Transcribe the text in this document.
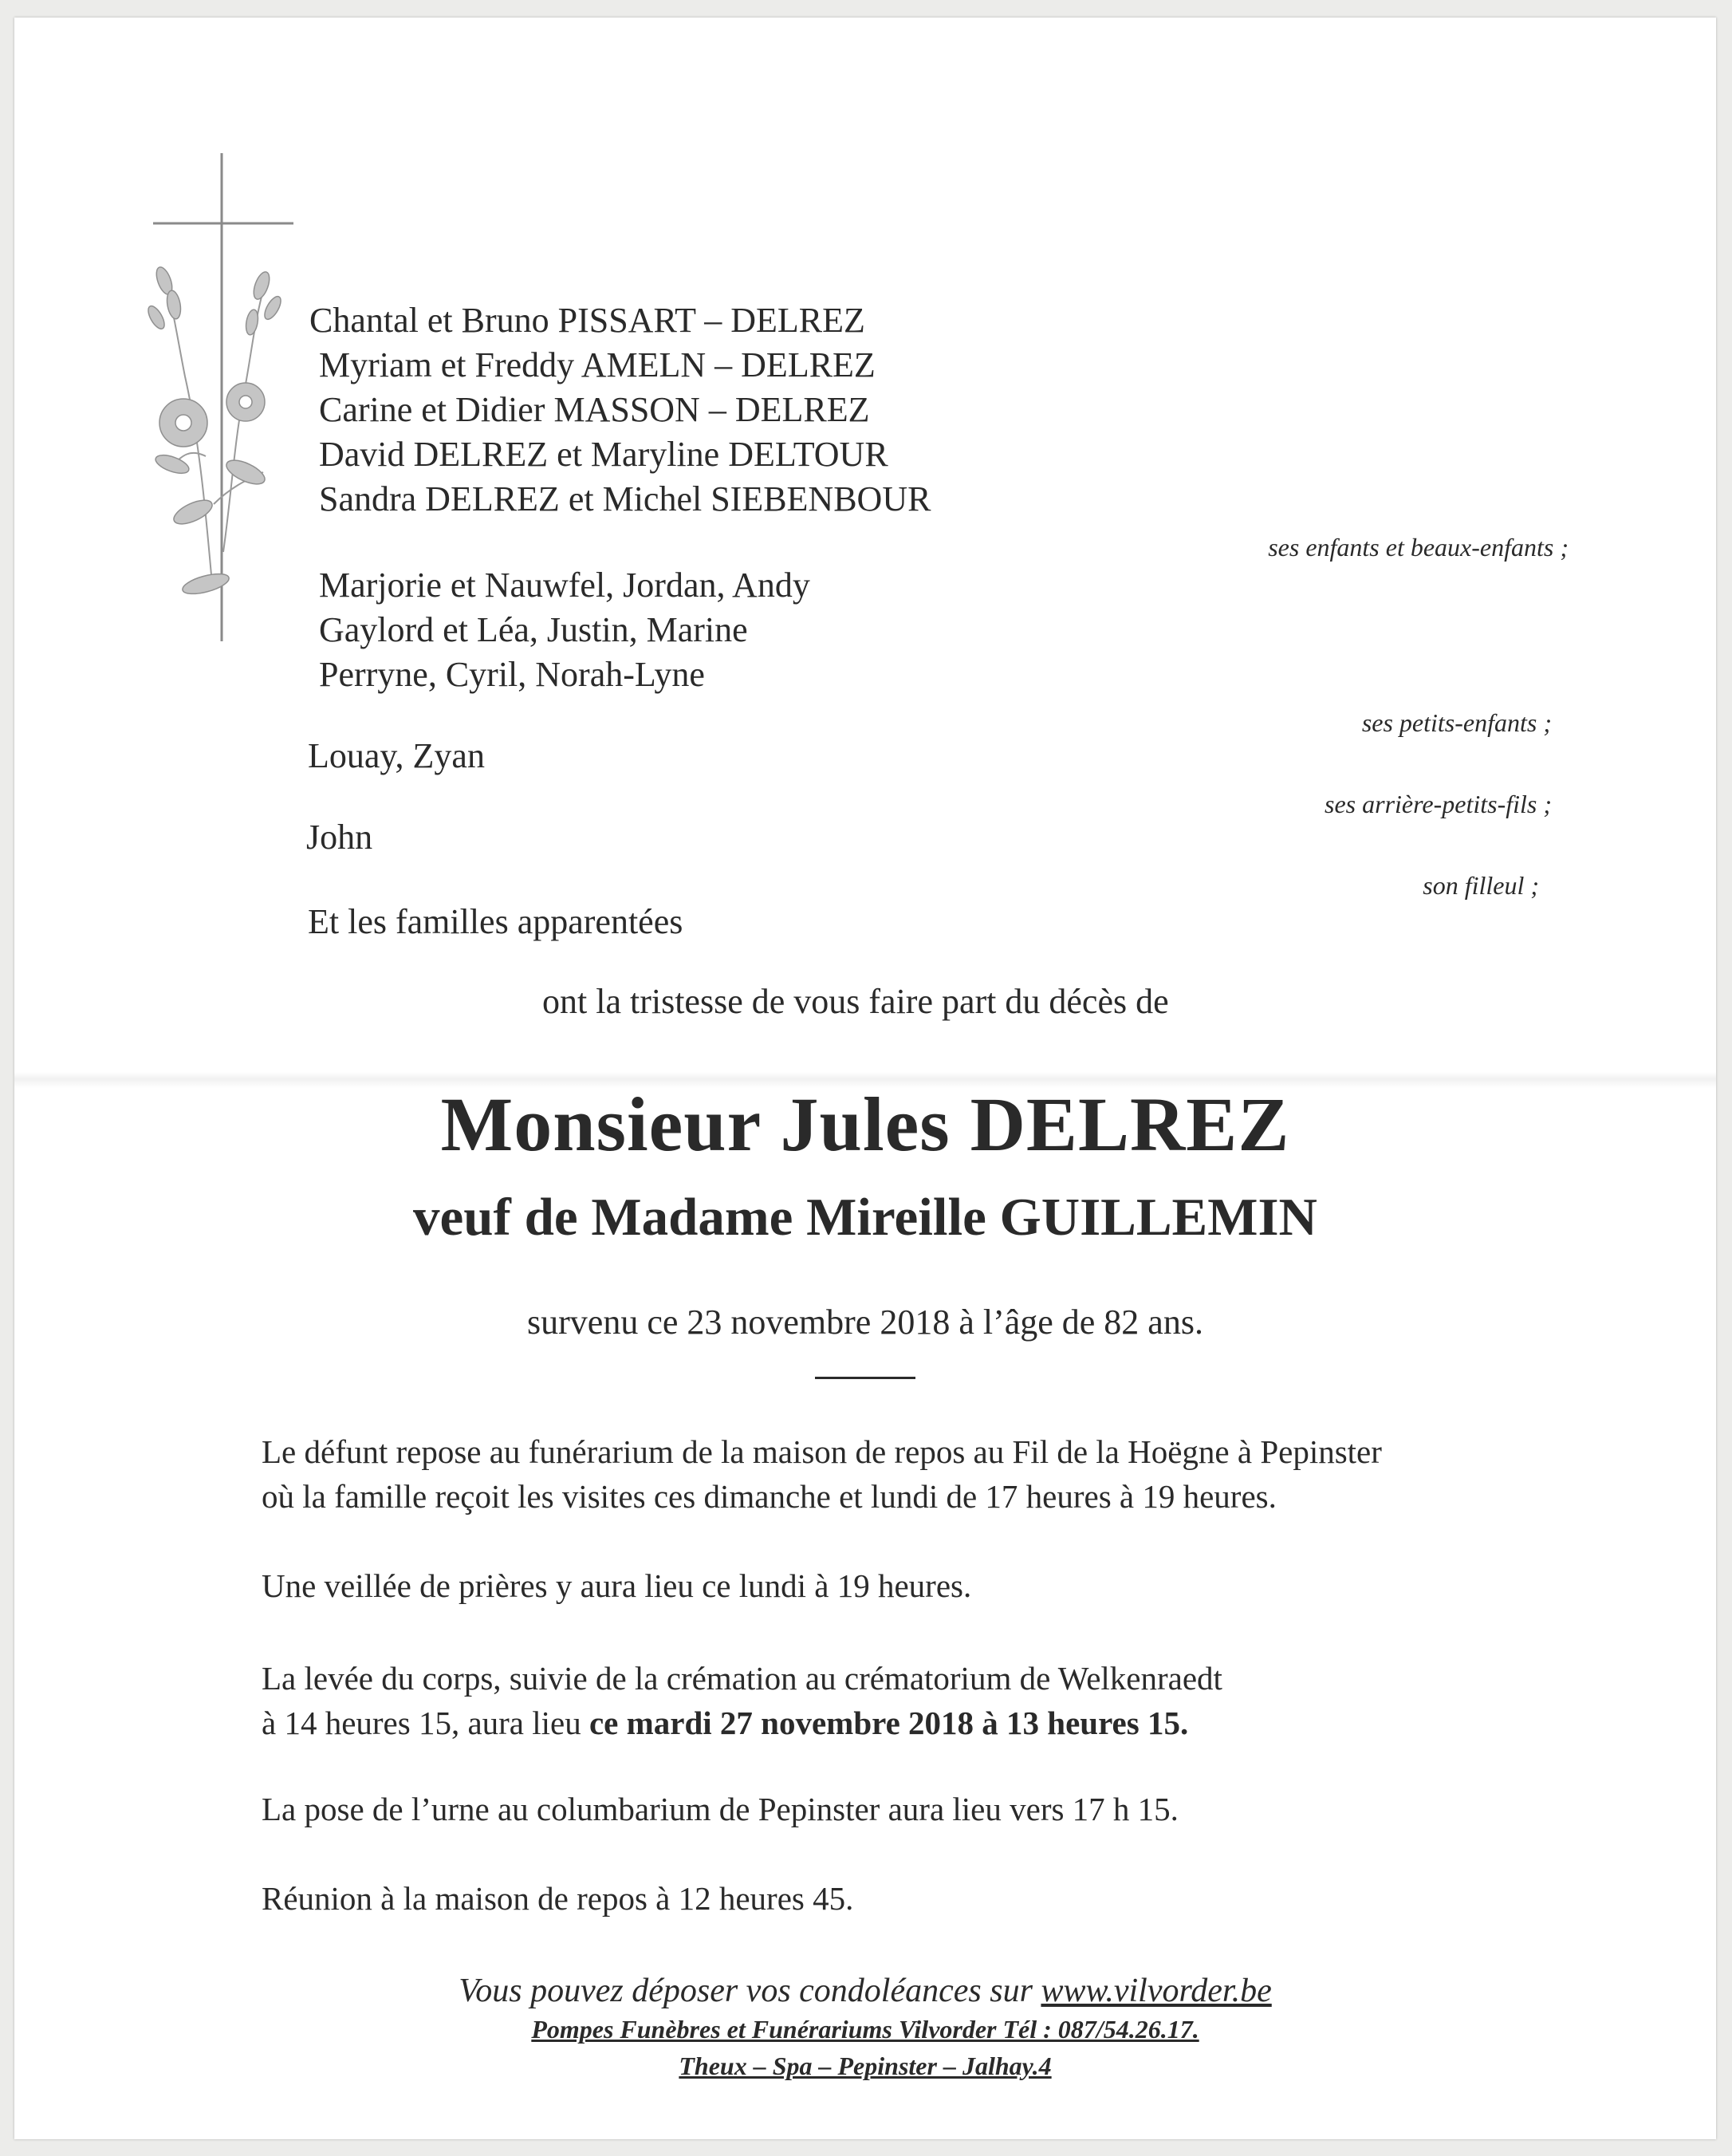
Chantal et Bruno PISSART – DELREZ
Myriam et Freddy AMELN – DELREZ
Carine et Didier MASSON – DELREZ
David DELREZ et Maryline DELTOUR
Sandra DELREZ et Michel SIEBENBOUR
ses enfants et beaux-enfants ;
Marjorie et Nauwfel, Jordan, Andy
Gaylord et Léa, Justin, Marine
Perryne, Cyril, Norah-Lyne
ses petits-enfants ;
Louay, Zyan
ses arrière-petits-fils ;
John
son filleul ;
Et les familles apparentées
ont la tristesse de vous faire part du décès de
Monsieur Jules DELREZ
veuf de Madame Mireille GUILLEMIN
survenu ce 23 novembre 2018 à l’âge de 82 ans.
Le défunt repose au funérarium de la maison de repos au Fil de la Hoëgne à Pepinster
où la famille reçoit les visites ces dimanche et lundi de 17 heures à 19 heures.
Une veillée de prières y aura lieu ce lundi à 19 heures.
La levée du corps, suivie de la crémation au crématorium de Welkenraedt
à 14 heures 15, aura lieu ce mardi 27 novembre 2018 à 13 heures 15.
La pose de l’urne au columbarium de Pepinster aura lieu vers 17 h 15.
Réunion à la maison de repos à 12 heures 45.
Vous pouvez déposer vos condoléances sur www.vilvorder.be
Pompes Funèbres et Funérariums Vilvorder Tél : 087/54.26.17.
Theux – Spa – Pepinster – Jalhay.4
